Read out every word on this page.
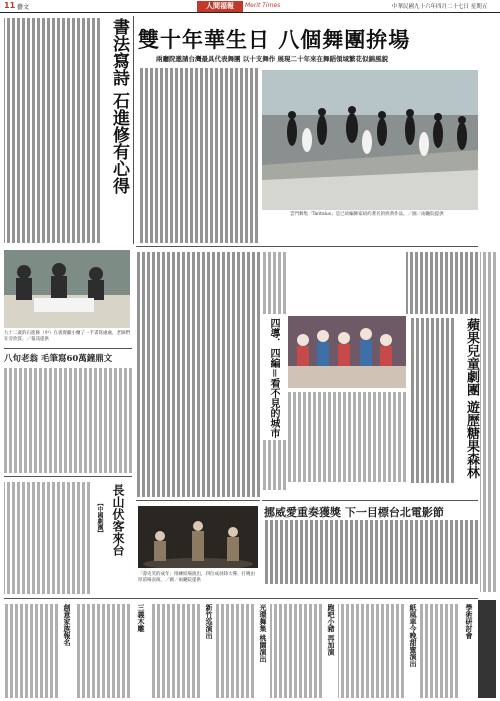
11 藝文	人間福報	Merit Times	中華民國九十六年四月二十七日 星期五
書法寫詩 石進修有心得 雙十年華生日 八個舞團拚場
兩廳院邀請台灣最具代表舞團 以十支舞作 展現二十年來在舞蹈領域繁花似錦風貌
雲門舞集「Tantalus」是已故編舞家紐約著名的經典作品。／圖／兩廳院提供
九十二歲的石進修（中）在義賣顧小蘭了一手書寫處處，老師們在旁欣賞。／報訊提供
八旬老翁 毛筆寫60萬鐘鼎文	四導．四編＝看不見的城市	蘋果兒童劇團 遊歷糖果森林
挪威愛重奏獲獎 下一目標台北電影節
長山伏客來台
【中國劇團】
「壽史笑的成年」排練結場演出，四位成員除大導、打曉由厚前場表演。／圖／兩廳院提供
創意家族報名	三義木雕	新竹巡演出	光環舞集 桃園演出	跑吧小豬 再加演	紙風車今晚甜蜜演出	學術研討會
